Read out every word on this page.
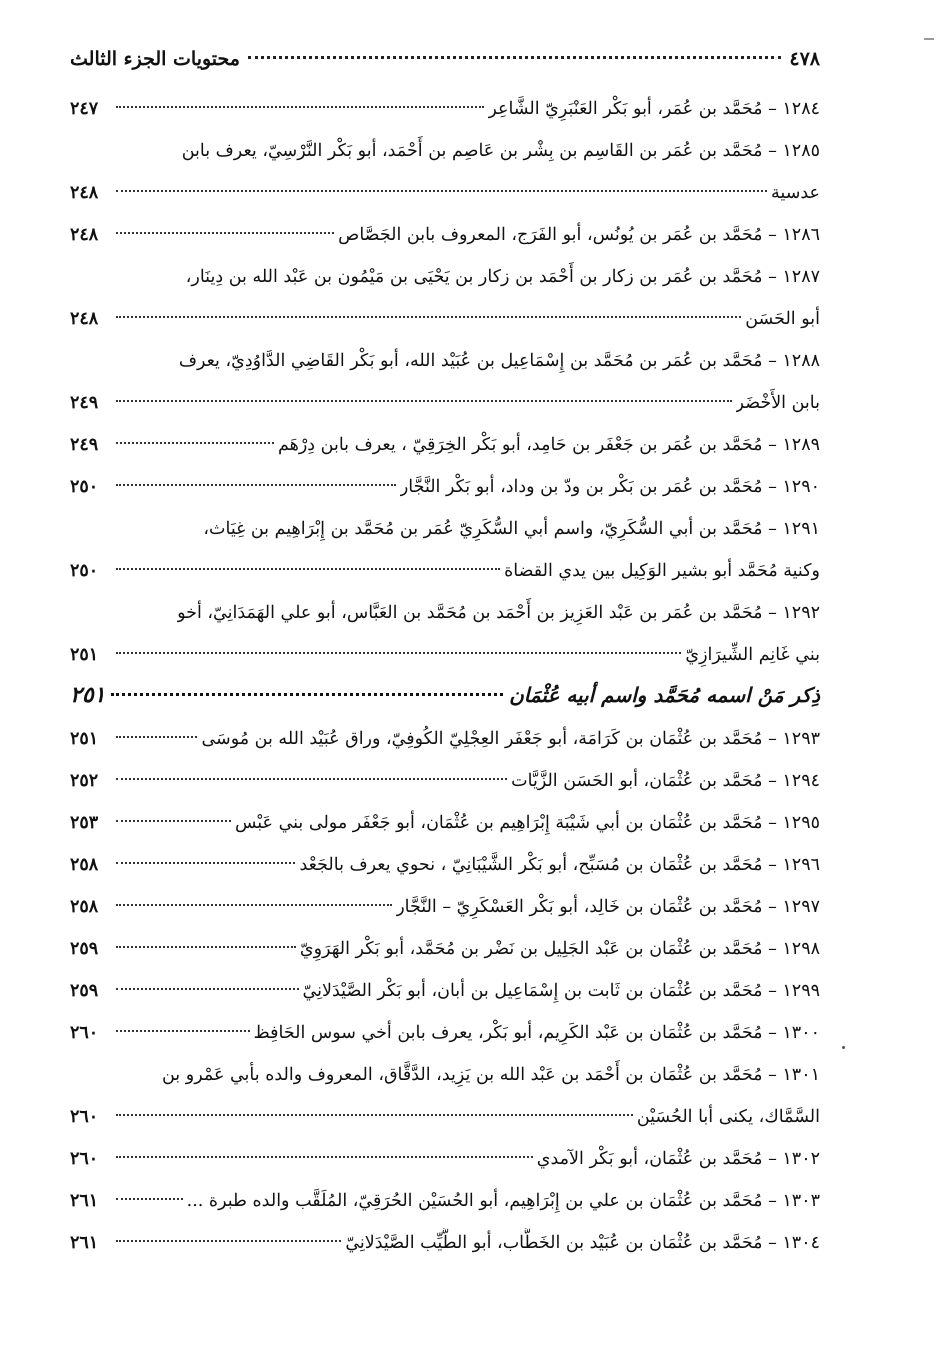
٤٧٨
محتويات الجزء الثالث
١٢٨٤ – مُحَمَّد بن عُمَر، أبو بَكْر العَنْبَرِيّ الشَّاعِر
٢٤٧
١٢٨٥ – مُحَمَّد بن عُمَر بن القَاسِم بن بِشْر بن عَاصِم بن أَحْمَد، أبو بَكْر النَّرْسِيّ، يعرف بابن
عدسية
٢٤٨
١٢٨٦ – مُحَمَّد بن عُمَر بن يُونُس، أبو الفَرَج، المعروف بابن الجَصَّاص
٢٤٨
١٢٨٧ – مُحَمَّد بن عُمَر بن زكار بن أَحْمَد بن زكار بن يَحْيَى بن مَيْمُون بن عَبْد الله بن دِينَار،
أبو الحَسَن
٢٤٨
١٢٨٨ – مُحَمَّد بن عُمَر بن مُحَمَّد بن إِسْمَاعِيل بن عُبَيْد الله، أبو بَكْر القَاضِي الدَّاوُدِيّ، يعرف
بابن الأَخْضَر
٢٤٩
١٢٨٩ – مُحَمَّد بن عُمَر بن جَعْفَر بن حَامِد، أبو بَكْر الخِرَقِيّ ، يعرف بابن دِرْهَم
٢٤٩
١٢٩٠ – مُحَمَّد بن عُمَر بن بَكْر بن ودّ بن وداد، أبو بَكْر النَّجَّار
٢٥٠
١٢٩١ – مُحَمَّد بن أبي السُّكَرِيّ، واسم أبي السُّكَرِيّ عُمَر بن مُحَمَّد بن إِبْرَاهِيم بن غِيَاث،
وكنية مُحَمَّد أبو بشير الوَكِيل بين يدي القضاة
٢٥٠
١٢٩٢ – مُحَمَّد بن عُمَر بن عَبْد العَزِيز بن أَحْمَد بن مُحَمَّد بن العَبَّاس، أبو علي الهَمَدَانِيّ، أخو
بني غَانِم الشِّيرَازِيّ
٢٥١
ذِكر مَنْ اسمه مُحَمَّد واسم أبيه عُثْمَان
٢٥١
١٢٩٣ – مُحَمَّد بن عُثْمَان بن كَرَامَة، أبو جَعْفَر العِجْلِيّ الكُوفِيّ، وراق عُبَيْد الله بن مُوسَى
٢٥١
١٢٩٤ – مُحَمَّد بن عُثْمَان، أبو الحَسَن الزَّيَّات
٢٥٢
١٢٩٥ – مُحَمَّد بن عُثْمَان بن أبي شَيْبَة إِبْرَاهِيم بن عُثْمَان، أبو جَعْفَر مولى بني عَبْس
٢٥٣
١٢٩٦ – مُحَمَّد بن عُثْمَان بن مُسَبِّح، أبو بَكْر الشَّيْبَانِيّ ، نحوي يعرف بالجَعْد
٢٥٨
١٢٩٧ – مُحَمَّد بن عُثْمَان بن خَالِد، أبو بَكْر العَسْكَرِيّ – النَّجَّار
٢٥٨
١٢٩٨ – مُحَمَّد بن عُثْمَان بن عَبْد الجَلِيل بن نَضْر بن مُحَمَّد، أبو بَكْر الهَرَوِيّ
٢٥٩
١٢٩٩ – مُحَمَّد بن عُثْمَان بن ثَابت بن إِسْمَاعِيل بن أبان، أبو بَكْر الصَّيْدَلانِيّ
٢٥٩
١٣٠٠ – مُحَمَّد بن عُثْمَان بن عَبْد الكَرِيم، أبو بَكْر، يعرف بابن أخي سوس الحَافِظ
٢٦٠
١٣٠١ – مُحَمَّد بن عُثْمَان بن أَحْمَد بن عَبْد الله بن يَزِيد، الدَّقَّاق، المعروف والده بأبي عَمْرو بن
السَّمَّاك، يكنى أبا الحُسَيْن
٢٦٠
١٣٠٢ – مُحَمَّد بن عُثْمَان، أبو بَكْر الآمدي
٢٦٠
١٣٠٣ – مُحَمَّد بن عُثْمَان بن علي بن إِبْرَاهِيم، أبو الحُسَيْن الحُرَقِيّ، المُلَقَّب والده طبرة ...
٢٦١
١٣٠٤ – مُحَمَّد بن عُثْمَان بن عُبَيْد بن الخَطَّاب، أبو الطَّيِّب الصَّيْدَلانِيّ
٢٦١
